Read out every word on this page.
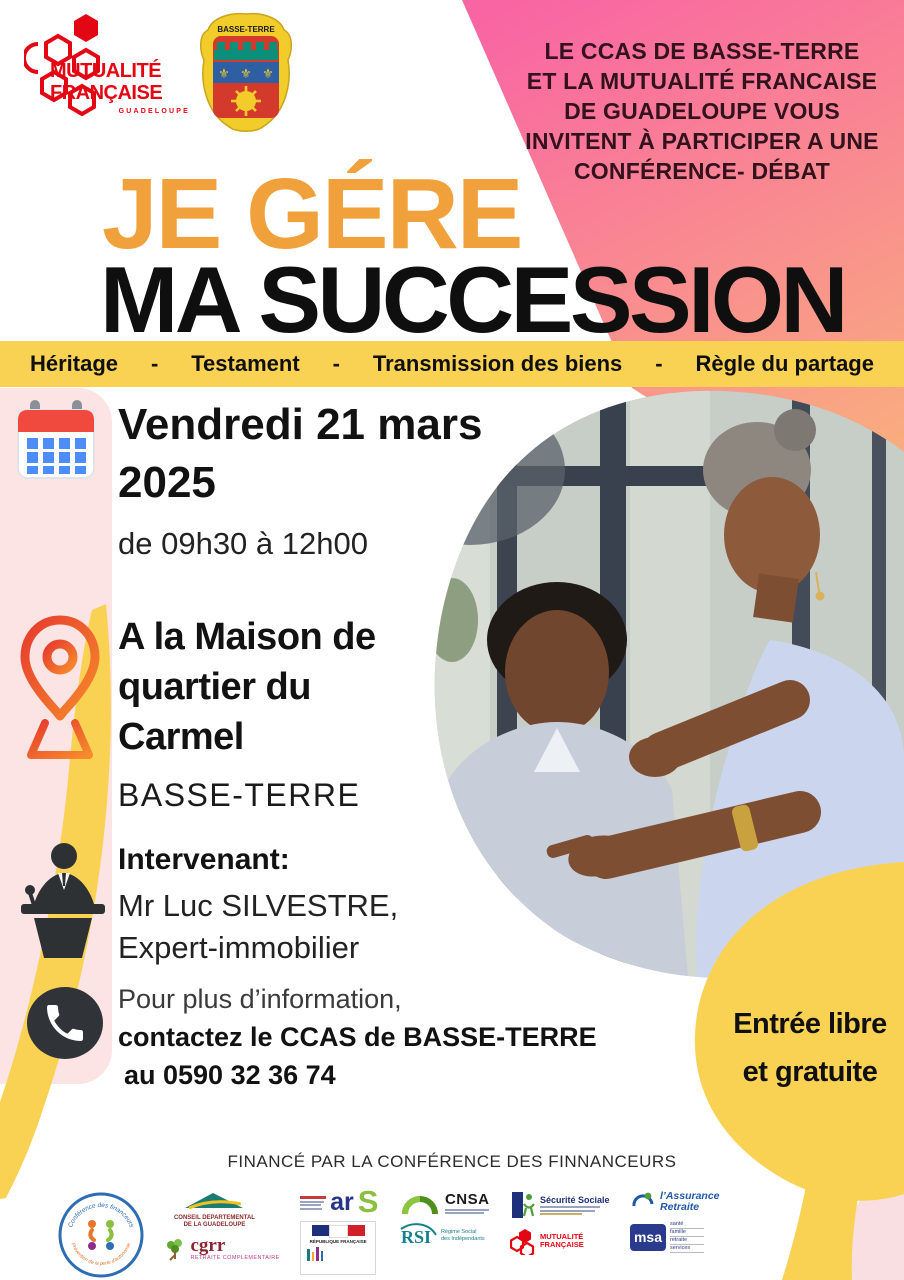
MUTUALITÉ
FRANÇAISE
GUADELOUPE
BASSE-TERRE
⚜ ⚜ ⚜
LE CCAS DE BASSE-TERRE
ET LA MUTUALITÉ FRANCAISE
DE GUADELOUPE VOUS
INVITENT À PARTICIPER A UNE
CONFÉRENCE- DÉBAT
JE GÉRE
MA SUCCESSION
Héritage - Testament - Transmission des biens - Règle du partage
Vendredi 21 mars
2025
de 09h30 à 12h00
A la Maison de
quartier du
Carmel
BASSE-TERRE
Intervenant:
Mr Luc SILVESTRE,
Expert-immobilier
Pour plus d’information,
contactez le CCAS de BASSE-TERRE
au 0590 32 36 74
Entrée libre
et gratuite
FINANCÉ PAR LA CONFÉRENCE DES FINNANCEURS
Conférence des financeurs
Prévention de la perte d'autonomie
CONSEIL DEPARTEMENTAL
DE LA GUADELOUPE
cgrr
RETRAITE COMPLEMENTAIRE
ar S
RÉPUBLIQUE FRANÇAISE
CNSA
RSI Régime Social
des Indépendants
Sécurité Sociale
MUTUALITÉ
FRANÇAISE
l’Assurance Retraite
msa
santé
famille
retraite
services
